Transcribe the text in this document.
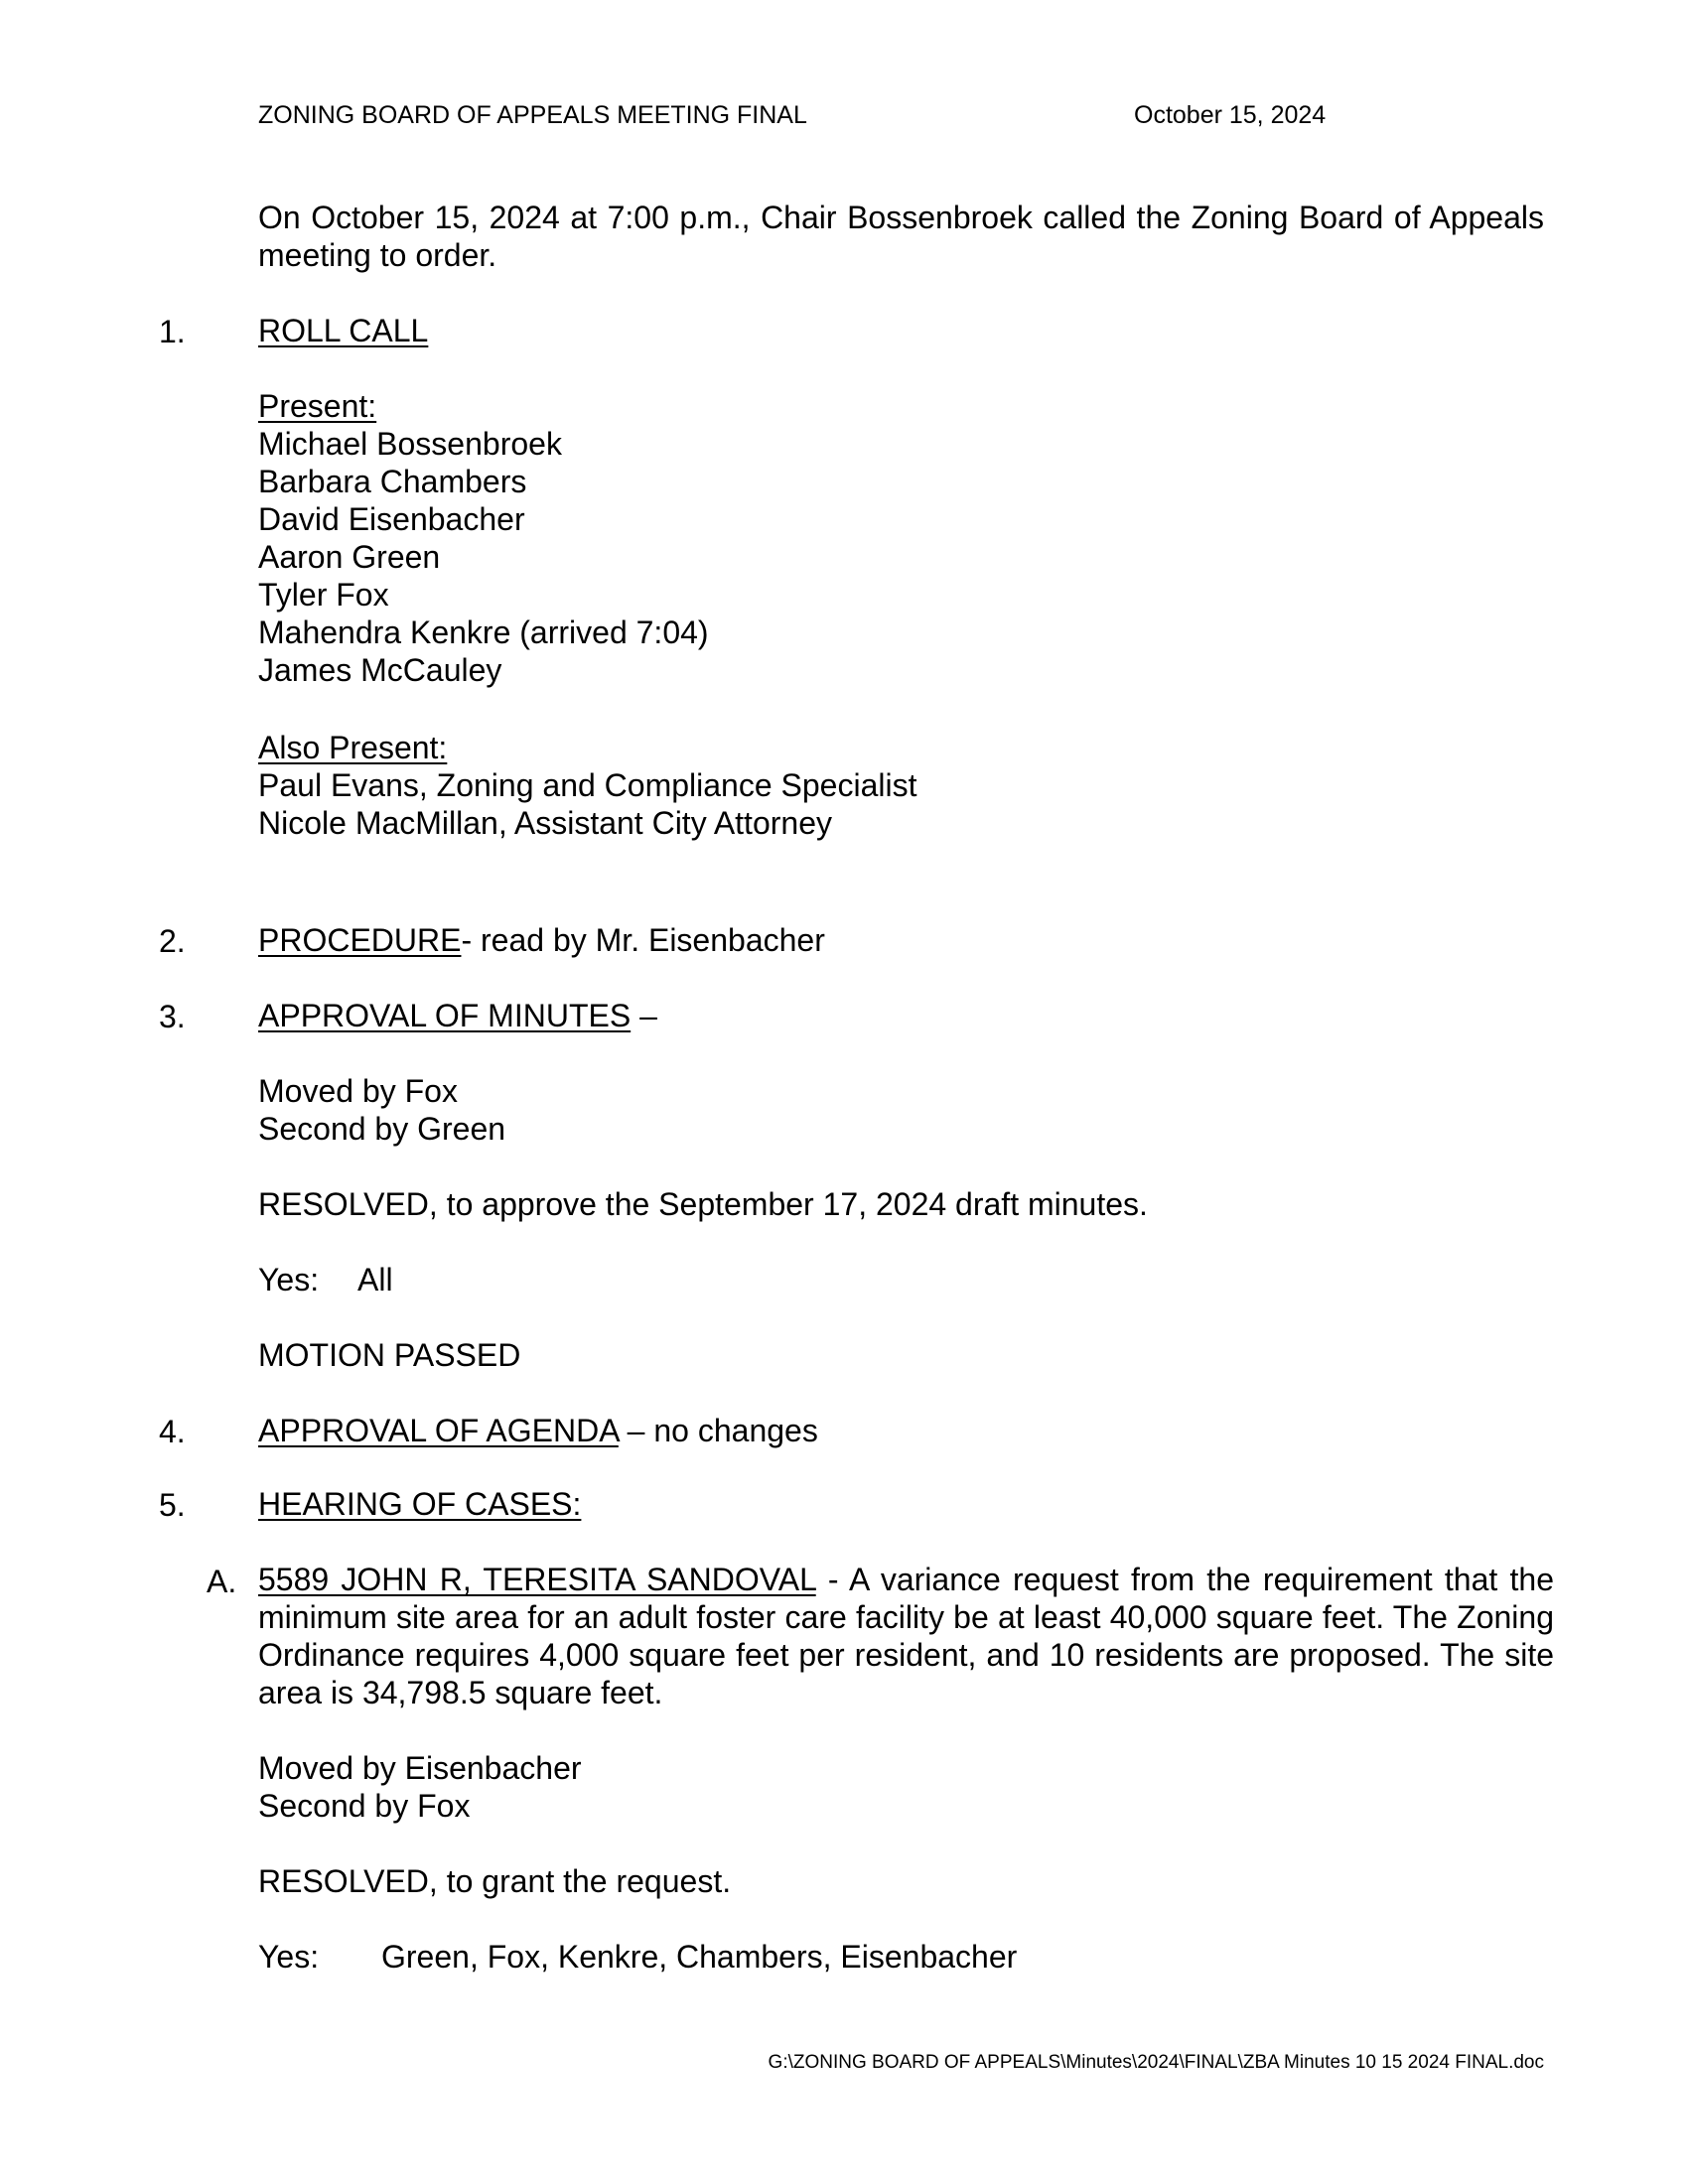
ZONING BOARD OF APPEALS MEETING FINAL	October 15, 2024
On October 15, 2024 at 7:00 p.m., Chair Bossenbroek called the Zoning Board of Appeals meeting to order.
1. ROLL CALL
Present:
Michael Bossenbroek
Barbara Chambers
David Eisenbacher
Aaron Green
Tyler Fox
Mahendra Kenkre (arrived 7:04)
James McCauley
Also Present:
Paul Evans, Zoning and Compliance Specialist
Nicole MacMillan, Assistant City Attorney
2. PROCEDURE- read by Mr. Eisenbacher
3. APPROVAL OF MINUTES –
Moved by Fox
Second by Green
RESOLVED, to approve the September 17, 2024 draft minutes.
Yes: All
MOTION PASSED
4. APPROVAL OF AGENDA – no changes
5. HEARING OF CASES:
A. 5589 JOHN R, TERESITA SANDOVAL - A variance request from the requirement that the minimum site area for an adult foster care facility be at least 40,000 square feet. The Zoning Ordinance requires 4,000 square feet per resident, and 10 residents are proposed. The site area is 34,798.5 square feet.
Moved by Eisenbacher
Second by Fox
RESOLVED, to grant the request.
Yes: Green, Fox, Kenkre, Chambers, Eisenbacher
G:\ZONING BOARD OF APPEALS\Minutes\2024\FINAL\ZBA Minutes 10 15 2024 FINAL.doc
